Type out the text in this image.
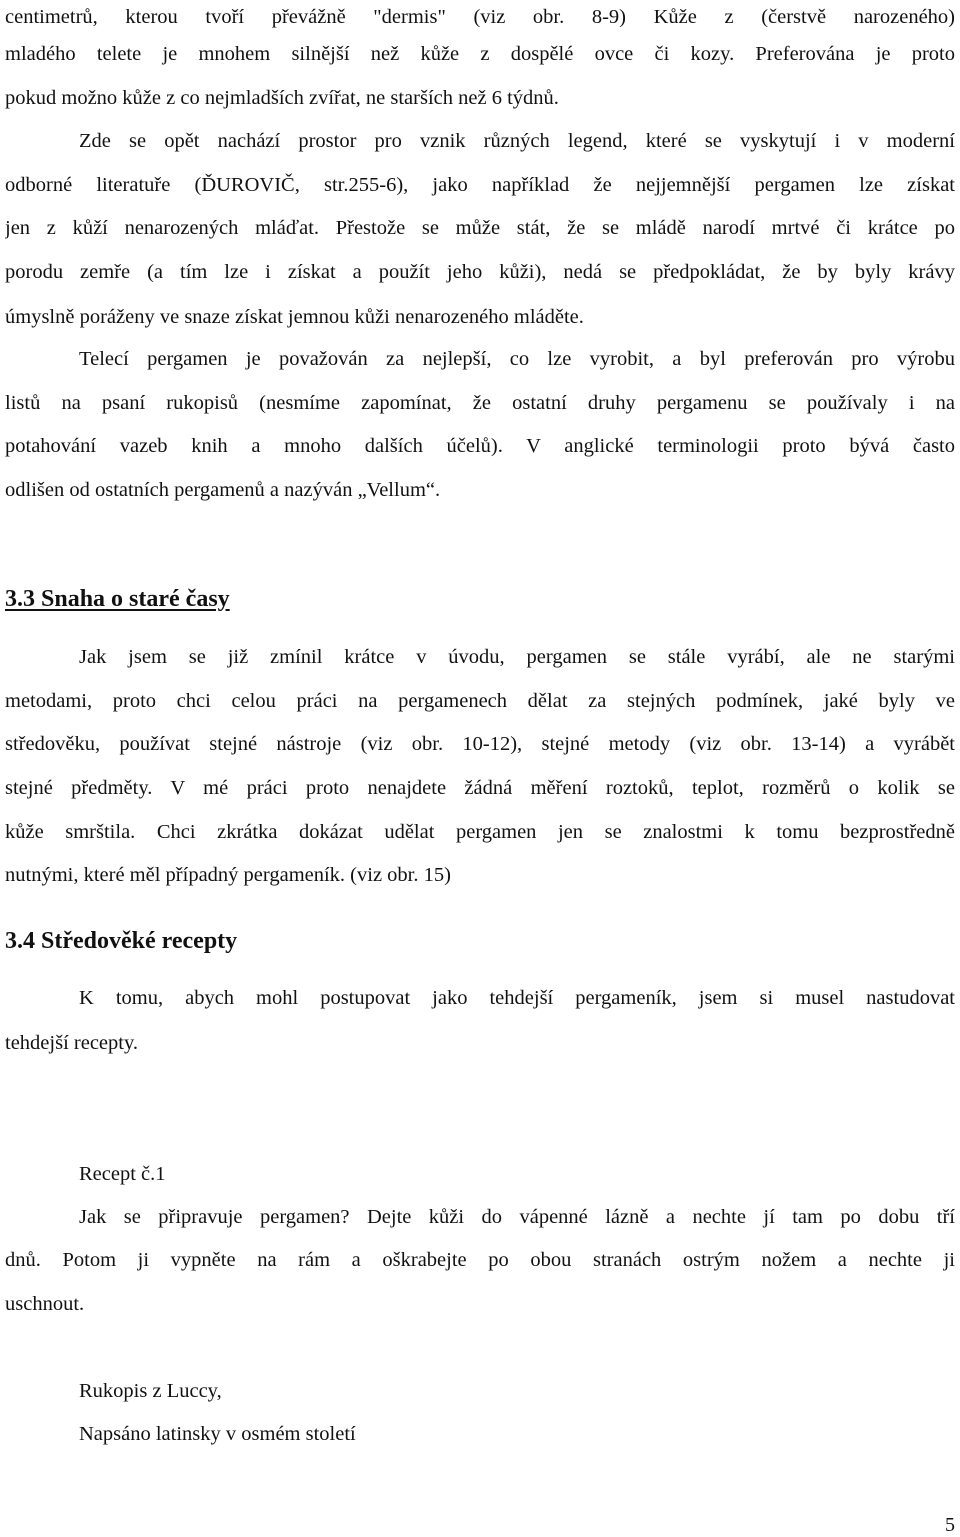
centimetrů, kterou tvoří převážně "dermis" (viz obr. 8-9) Kůže z (čerstvě narozeného)

mladého telete je mnohem silnější než kůže z dospělé ovce či kozy. Preferována je proto

pokud možno kůže z co nejmladších zvířat, ne starších než 6 týdnů.

Zde se opět nachází prostor pro vznik různých legend, které se vyskytují i v moderní

odborné literatuře (ĎUROVIČ, str.255-6), jako například že nejjemnější pergamen lze získat

jen z kůží nenarozených mláďat. Přestože se může stát, že se mládě narodí mrtvé či krátce po

porodu zemře (a tím lze i získat a použít jeho kůži), nedá se předpokládat, že by byly krávy

úmyslně poráženy ve snaze získat jemnou kůži nenarozeného mláděte.

Telecí pergamen je považován za nejlepší, co lze vyrobit, a byl preferován pro výrobu

listů na psaní rukopisů (nesmíme zapomínat, že ostatní druhy pergamenu se používaly i na

potahování vazeb knih a mnoho dalších účelů). V anglické terminologii proto bývá často

odlišen od ostatních pergamenů a nazýván „Vellum“.

3.3 Snaha o staré časy

Jak jsem se již zmínil krátce v úvodu, pergamen se stále vyrábí, ale ne starými

metodami, proto chci celou práci na pergamenech dělat za stejných podmínek, jaké byly ve

středověku, používat stejné nástroje (viz obr. 10-12), stejné metody (viz obr. 13-14) a vyrábět

stejné předměty. V mé práci proto nenajdete žádná měření roztoků, teplot, rozměrů o kolik se

kůže smrštila. Chci zkrátka dokázat udělat pergamen jen se znalostmi k tomu bezprostředně

nutnými, které měl případný pergameník. (viz obr. 15)

3.4 Středověké recepty

K tomu, abych mohl postupovat jako tehdejší pergameník, jsem si musel nastudovat

tehdejší recepty.

Recept č.1

Jak se připravuje pergamen? Dejte kůži do vápenné lázně a nechte jí tam po dobu tří

dnů. Potom ji vypněte na rám a oškrabejte po obou stranách ostrým nožem a nechte ji

uschnout.

Rukopis z Luccy,

Napsáno latinsky v osmém století

5
